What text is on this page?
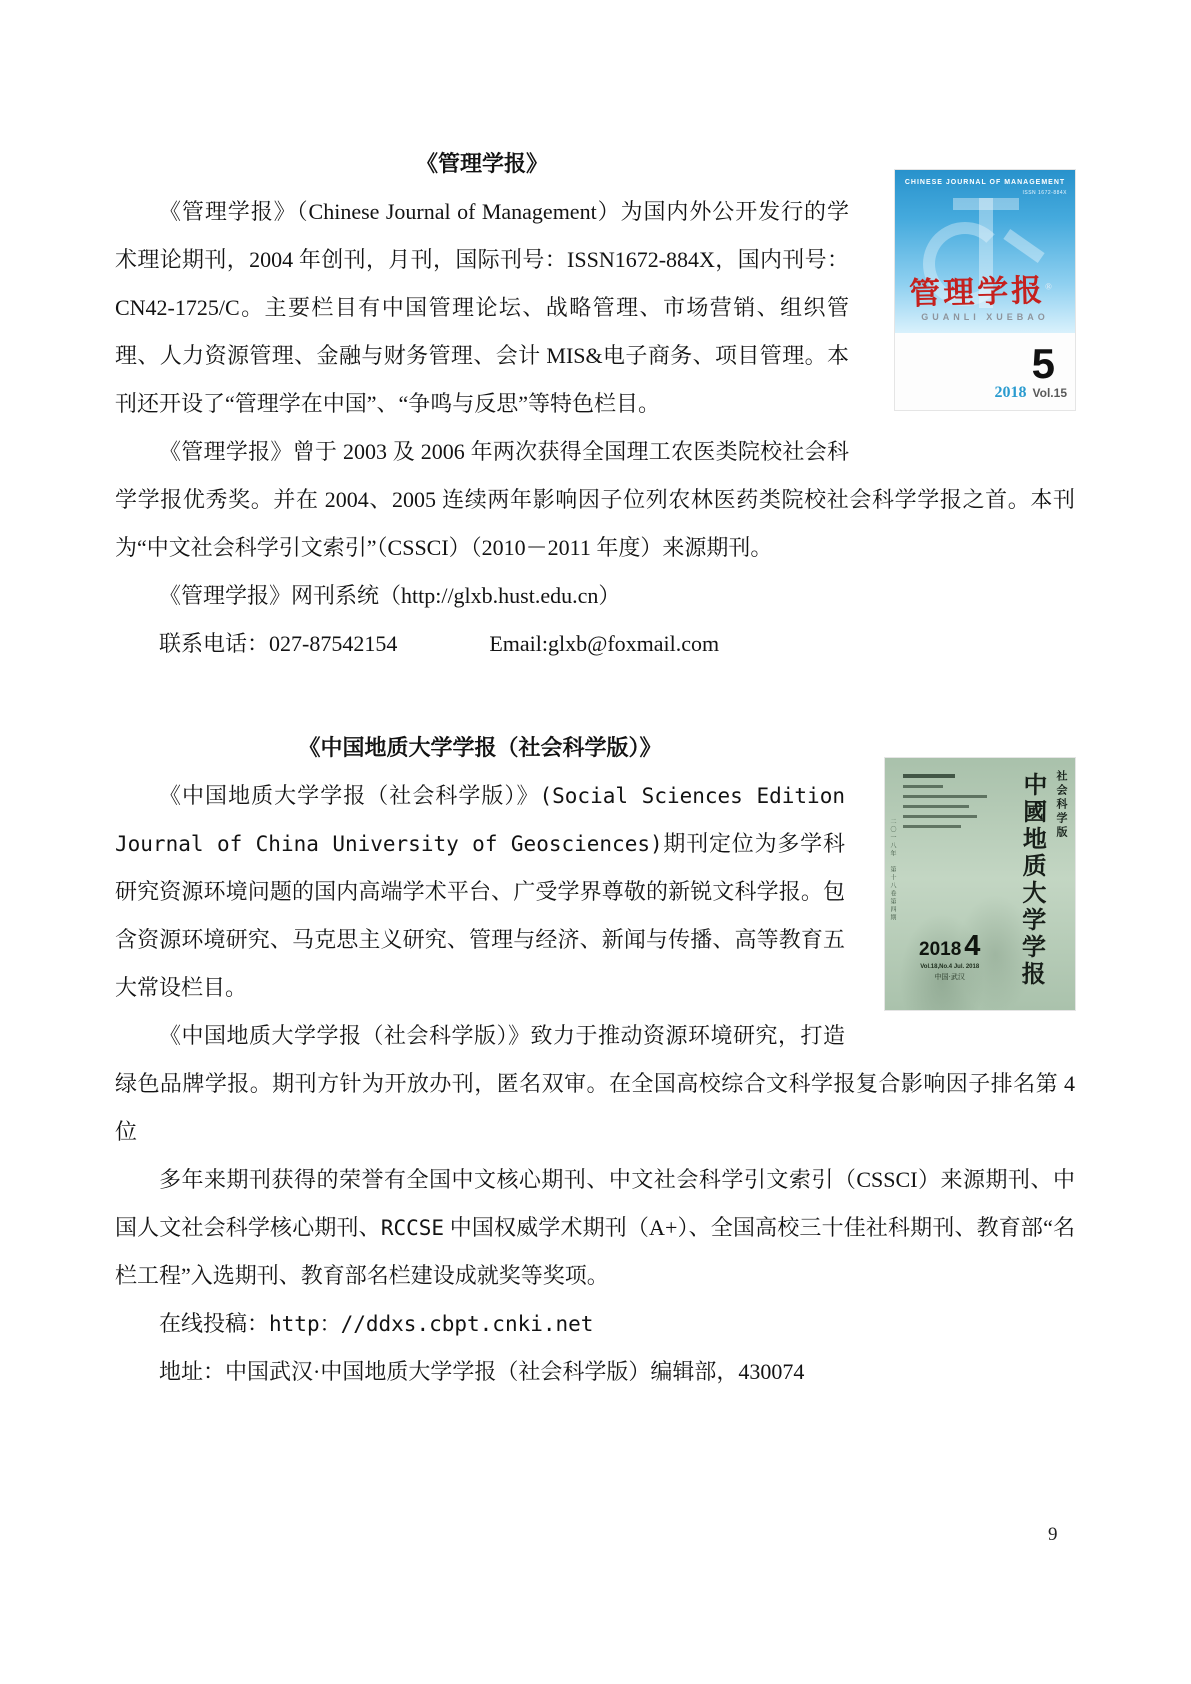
CHINESE JOURNAL OF MANAGEMENT
ISSN 1672-884X
管理学报®
GUANLI XUEBAO
5
2018 Vol.15
《管理学报》

《管理学报》（Chinese Journal of Management）为国内外公开发行的学术理论期刊，2004 年创刊，月刊，国际刊号：ISSN1672-884X，国内刊号：CN42-1725/C。主要栏目有中国管理论坛、战略管理、市场营销、组织管理、人力资源管理、金融与财务管理、会计 MIS&电子商务、项目管理。本刊还开设了“管理学在中国”、“争鸣与反思”等特色栏目。

《管理学报》曾于 2003 及 2006 年两次获得全国理工农医类院校社会科学学报优秀奖。并在 2004、2005 连续两年影响因子位列农林医药类院校社会科学学报之首。本刊为“中文社会科学引文索引”（CSSCI）（2010－2011 年度）来源期刊。

《管理学报》网刊系统（http://glxb.hust.edu.cn）

联系电话：027-87542154	Email:glxb@foxmail.com

二〇一八年　第十八卷第四期
社会科学版
中國地质大学学报
2018 4
Vol.18,No.4 Jul. 2018
中国·武汉
《中国地质大学学报（社会科学版）》

《中国地质大学学报（社会科学版）》(Social Sciences Edition Journal of China University of Geosciences)期刊定位为多学科研究资源环境问题的国内高端学术平台、广受学界尊敬的新锐文科学报。包含资源环境研究、马克思主义研究、管理与经济、新闻与传播、高等教育五大常设栏目。

《中国地质大学学报（社会科学版）》致力于推动资源环境研究，打造绿色品牌学报。期刊方针为开放办刊，匿名双审。在全国高校综合文科学报复合影响因子排名第 4 位

多年来期刊获得的荣誉有全国中文核心期刊、中文社会科学引文索引（CSSCI）来源期刊、中国人文社会科学核心期刊、RCCSE 中国权威学术期刊（A+）、全国高校三十佳社科期刊、教育部“名栏工程”入选期刊、教育部名栏建设成就奖等奖项。

在线投稿：http：//ddxs.cbpt.cnki.net

地址：中国武汉·中国地质大学学报（社会科学版）编辑部，430074

9
